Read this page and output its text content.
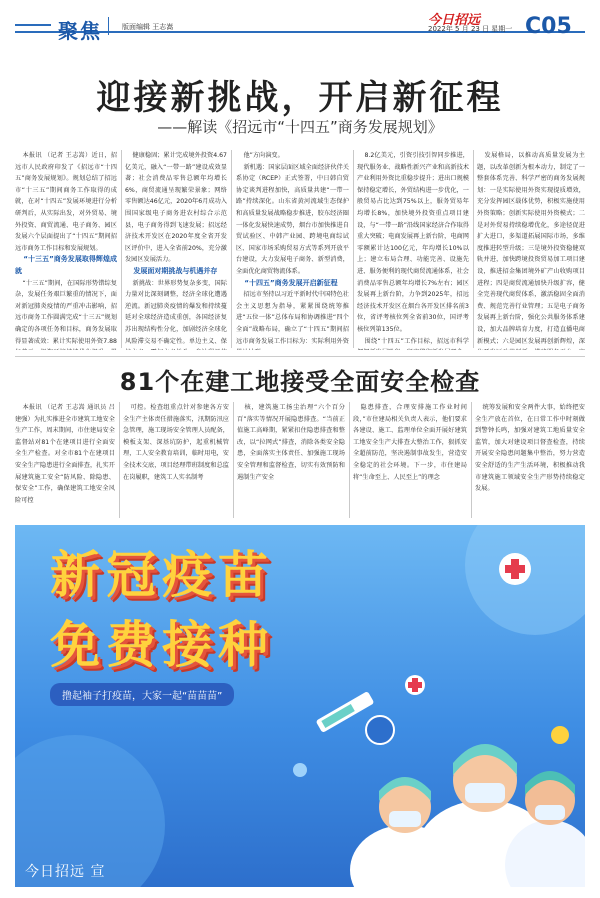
聚焦	版面编辑 王志嵩	今日招远
2022年 5 月 23 日 星期一 C05
迎接新挑战，开启新征程
——解读《招远市“十四五”商务发展规划》

本报讯 （记者 王志嵩）近日，招远市人民政府印发了《招远市“十四五”商务发展规划》。规划总结了招远市“十三五”期间商务工作取得的成就，在对“十四五”发展环境进行分析研判后，从实际出发，对外贸易、境外投资、商贸流通、电子商务、园区发展六个层面提出了“十四五”期间招远市商务工作目标和发展规划。

“十三五”商务发展取得辉煌成就

“十三五”期间，在国际形势错综复杂，发展任务艰巨繁重的情况下，面对新冠肺炎疫情的严重冲击影响，招远市商务工作圆满完成“十三五”规划确定的各项任务和目标，商务发展取得显著成效：累计实际使用外资7.88

健康稳固；累计完成境外投资4.67亿美元，融入“一带一路”建设成效显著；社会消费品零售总额年均增长6%，商贸流通呈现繁荣景象；网络零售额达46亿元，2020年6月成功入围国家级电子商务进农村综合示范县，电子商务得到飞速发展；招远经济技术开发区在2020年度全省开发区评价中，进入全省前20%，充分激发园区发展活力。

发展面对期挑战与机遇并存

新挑战：世界形势复杂多变，国际力量对比深刻调整，经济全球化遭遇逆流。新冠肺炎疫情的爆发和持续蔓延对全球经济造成重创，各国经济复苏出现结构性分化，加剧经济全球化风险滞交易不确定性。单边主义、保

他”方向演变。

新机遇：国家层面区域全面经济伙伴关系协定（RCEP）正式签署，中日韩自贸协定谈判进程加快，高质量共建“一带一路”持续深化。山东省黄河流域生态保护和高质量发展战略稳步推进，胶东经济圈一体化发展快速成势，烟台市加快推进自贸试验区、中韩产业园、跨境电商综试区、国家市场采购贸易方式等系列开放平台建设，大力发展电子商务、新型消费，全面优化商贸物流体系。

“十四五”商务发展开启新征程

招远市坚持以习近平新时代中国特色社会主义思想为指导，紧紧围绕统筹推进“五位一体”总体布局和协调推进“四个全面”战略布局，确立了“十四五”期间招远市商务发展工作目标为：实际利用外资

8.2亿美元，引资引技引智同步推进，现代服务业、战略性新兴产业和高新技术产业利用外资比重稳步提升；进出口规模保持稳定增长，外贸结构进一步优化，一般贸易占比达到75%以上，服务贸易年均增长8%，加快境外投资重点项目建设，与“一带一路”沿线国家经济合作取得重大突破；电商发展再上新台阶，电商网零额累计达100亿元，年均增长10%以上；建立布局合理、功能完善、设施先进、服务便利的现代商贸流通体系，社会消费品零售总额年均增长7%左右；园区发展再上新台阶，力争到2025年，招远经济技术开发区在烟台各开发区排名前3位，省评考核位列全省前30位，国评考核位列第135位。

围绕“十四五”工作目标，招远市科学

发展格局，以推动高质量发展为主题，以改革创新为根本动力，制定了一整套体系完善、科学严密的商务发展规划：一是实际使用外资实现提质增效，充分发挥园区载体优势，积极实施使用外资策略；创新实际使用外资模式；二是对外贸易持续稳增优化，多途径促进扩大进口，多渠道拓展国际市场，多维度推进转型升级；三是境外投资稳健双轨并进，加快跨境投资贸易加工项目建设，推进招金集团境外矿产山收购项目进程；四是商贸流通加快升级扩容，健全完善现代商贸体系，激活稳固全面消费、规范完善行业管理；五是电子商务发展再上新台阶，强化公共服务体系建设，加大品牌培育力度，打造直播电商新模式；六是园区发展再创新辉煌，深

81个在建工地接受全面安全检查

本报讯 （记者 王志嵩 通讯员 吕建强）为扎实推进全市建筑工地安全生产工作，周末期间，市住建局安全监督站对81个在建项目进行全面安全生产检查。对全市81个在建项目安全生产隐患进行全面排查，扎实开展建筑施工安全“防风险、除隐患、保安全”工作，确保建筑工地安全风险可控

可控。检查组重点针对参建各方安全生产主体责任措施落实，汛期防汛应急管理，施工现场安全管理人员配备，模板支架、深基坑防护，起重机械管理，工人安全教育培训，临时用电，安全技术交底，项目经理带班制度和总监在岗履职，建筑工人实名制考

核，建筑施工扬尘治理“六个百分百”落实等情况开展隐患排查。“当前正值施工高峰期，紧紧扣住隐患排查和整改，以“拉网式”排查，消除各类安全隐患，全面落实主体责任、加强施工现场安全管理和监督检查，切实有效预防和遏制生产安全

隐患排查，合理安排施工作业时间段，”市住建局相关负责人表示，他们要求各建设、施工、监理单位全面开展好建筑工地安全生产大排查大整治工作，狠抓安全超前防范，坚决遏制事故发生，营造安全稳定的社会环境。下一步，市住建局将“生命至上、人民至上”的理念

统筹发展和安全两件大事，始终把安全生产放在首位，在日常工作中时刻做到警钟长鸣，加强对建筑工地质量安全监管，加大对建设项目督查检查，持续开展安全隐患问题集中整治，努力营造安全舒适的生产生活环境，积极推动我市建筑施工领域安全生产形势持续稳定发展。

新冠疫苗
免费接种
撸起袖子打疫苗，大家一起“苗苗苗”
今日招远 宣
